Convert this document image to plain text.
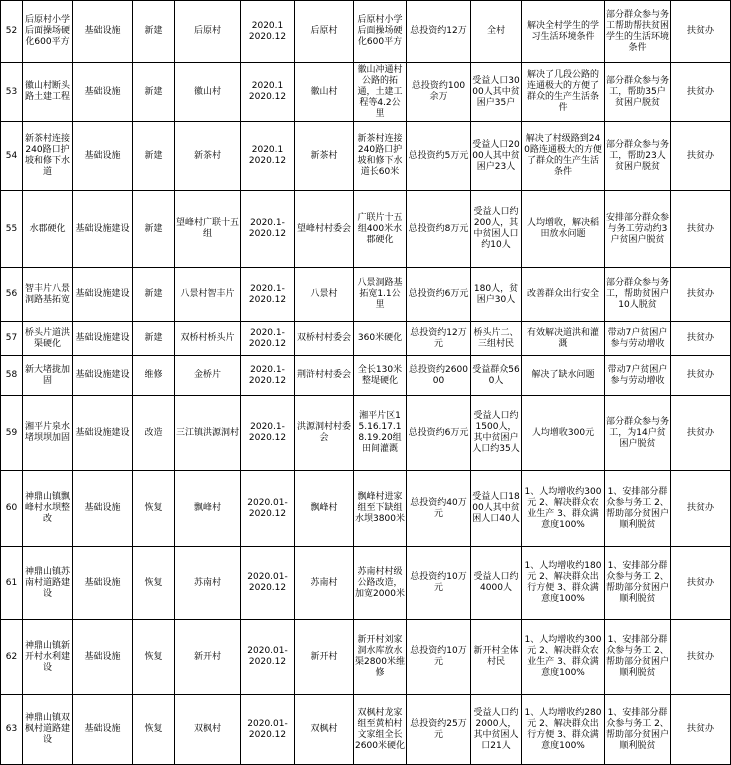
52	后原村小学后面操场硬化600平方	基础设施	新建	后原村	2020.1
2020.12	后原村	后原村小学后面操场硬化600平方	总投资约12万	全村	解决全村学生的学习生活环境条件	部分群众参与务工帮助帮扶贫困学生的生活环境条件	扶贫办
53	徽山村断头路土建工程	基础设施	新建	徽山村	2020.1
2020.12	徽山村	徽山冲通村公路的拓通，土建工程等4.2公里	总投资约100余万	受益人口3000人其中贫困户35户	解决了几段公路的连通极大的方便了群众的生产生活条件	部分群众参与务工，帮助35户贫困户脱贫	扶贫办
54	新茶村连接240路口护坡和修下水道	基础设施	新建	新茶村	2020.1
2020.12	新茶村	新茶村连接240路口护坡和修下水道长60米	总投资约5万元	受益人口2000人其中贫困户23人	解决了村级路到240路连通极大的方便了群众的生产生活条件	部分群众参与务工，帮助23人贫困户脱贫	扶贫办
55	水郡硬化	基础设施建设	新建	望峰村广联十五组	2020.1-
2020.12	望峰村村委会	广联片十五组400米水郡硬化	总投资约8万元	受益人口约200人，其中贫困人口约10人	人均增收，解决稻田放水问题	安排部分群众参与务工劳动约3户贫困户脱贫	扶贫办
56	智丰片八景洞路基拓宽	基础设施建设	新建	八景村智丰片	2020.1-
2020.12	八景村	八景洞路基拓宽1.1公里	总投资约6万元	180人，贫困户30人	改善群众出行安全	部分群众参与务工，帮助贫困户10人脱贫	扶贫办
57	桥头片道洪渠硬化	基础设施建设	新建	双桥村桥头片	2020.1-
2020.12	双桥村村委会	360米硬化	总投资约12万元	桥头片二、三组村民	有效解决道洪和灌溉	带动7户贫困户参与劳动增收	扶贫办
58	新大堵拢加固	基础设施建设	维修	金桥片	2020.1-
2020.12	荆浒村村委会	全长130米整堤硬化	总投资约260000	受益群众560人	解决了缺水问题	带动7户贫困户参与劳动增收	扶贫办
59	湘平片泉水堵坝坝加固	基础设施建设	改造	三江镇洪源洞村	2020.1-
2020.12	洪源洞村村委会	湘平片区15.16.17.18.19.20组田间灌溉	总投资约6万元	受益人口约1500人，其中贫困户人口约35人	人均增收300元	部分群众参与务工，为14户贫困户脱贫	扶贫办
60	神鼎山镇飘峰村水坝整改	基础设施	恢复	飘峰村	2020.01-
2020.12	飘峰村	飘峰村进家组至下缺组水坝3800米	总投资约40万元	受益人口1800人其中贫困人口40人	1、人均增收约300元 2、解决群众农业生产 3、群众满意度100%	1、安排部分群众参与务工 2、帮助部分贫困户顺利脱贫	扶贫办
61	神鼎山镇苏南村道路建设	基础设施	恢复	苏南村	2020.01-
2020.12	苏南村	苏南村村级公路改造，加宽2000米	总投资约10万元	受益人口约4000人	1、人均增收约180元 2、解决群众出行方便 3、群众满意度100%	1、安排部分群众参与务工 2、帮助部分贫困户顺利脱贫	扶贫办
62	神鼎山镇新开村水利建设	基础设施	恢复	新开村	2020.01-
2020.12	新开村	新开村刘家洞水库放水渠2800米维修	总投资约10万元	新开村全体村民	1、人均增收约300元 2、解决群众农业生产 3、群众满意度100%	1、安排部分群众参与务工 2、帮助部分贫困户顺利脱贫	扶贫办
63	神鼎山镇双枫村道路建设	基础设施	恢复	双枫村	2020.01-
2020.12	双枫村	双枫村龙家组至黄柏村文家组全长2600米硬化	总投资约25万元	受益人口约2000人，其中贫困人口21人	1、人均增收约280元 2、解决群众出行方便 3、群众满意度100%	1、安排部分群众参与务工 2、帮助部分贫困户顺利脱贫	扶贫办
